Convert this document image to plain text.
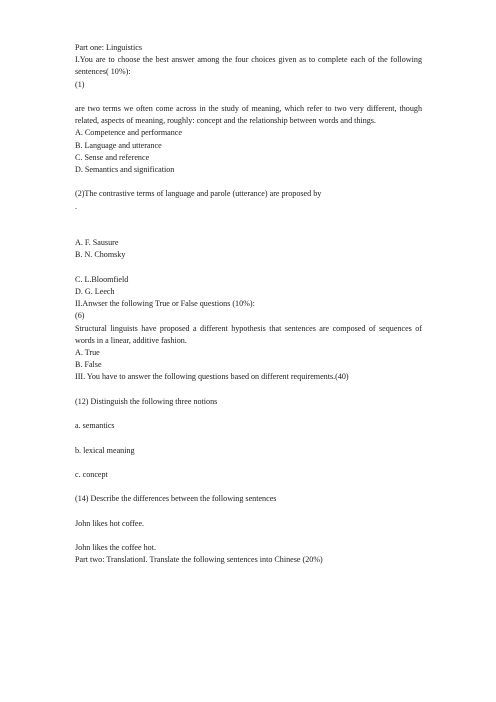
Part one: Linguistics
I.You are to choose the best answer among the four choices given as to complete each of the following sentences( 10%):
(1)
are two terms we often come across in the study of meaning, which refer to two very different, though related, aspects of meaning, roughly: concept and the relationship between words and things.
A. Competence and performance
B. Language and utterance
C. Sense and reference
D. Semantics and signification
(2)The contrastive terms of language and parole (utterance) are proposed by
.
A. F. Sausure
B. N. Chomsky
C. L.Bloomfield
D. G. Leech
II.Anwser the following True or False questions (10%):
(6)
Structural linguists have proposed a different hypothesis that sentences are composed of sequences of words in a linear, additive fashion.
A. True
B. False
III. You have to answer the following questions based on different requirements.(40)
(12) Distinguish the following three notions
a. semantics
b. lexical meaning
c. concept
(14) Describe the differences between the following sentences
John likes hot coffee.
John likes the coffee hot.
Part two: TranslationI. Translate the following sentences into Chinese (20%)
